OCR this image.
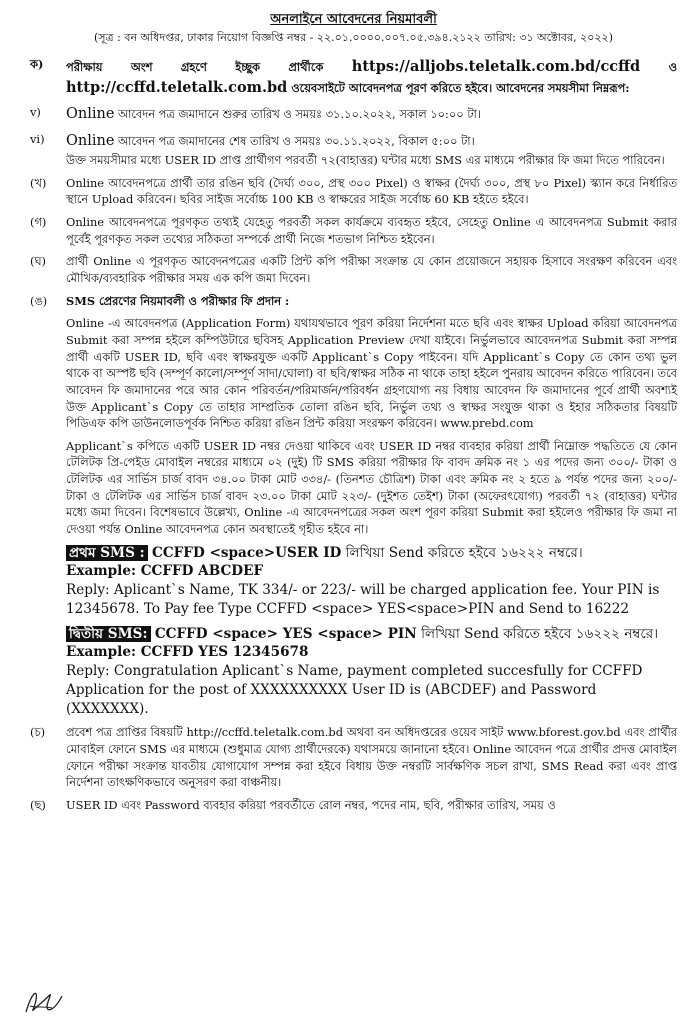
অনলাইনে আবেদনের নিয়মাবলী

(সূত্র : বন অধিদপ্তর, ঢাকার নিয়োগ বিজ্ঞপ্তি নম্বর - ২২.০১.০০০০.০০৭.০৫.৩৯৪.২১২২ তারিখ: ৩১ অক্টোবর, ২০২২)

ক)	পরীক্ষায় অংশ গ্রহণে ইচ্ছুক প্রার্থীকে https://alljobs.teletalk.com.bd/ccffd ও http://ccffd.teletalk.com.bd ওয়েবসাইটে আবেদনপত্র পূরণ করিতে হইবে। আবেদনের সময়সীমা নিম্নরূপ:
v)	Online আবেদন পত্র জমাদানে শুরুর তারিখ ও সময়ঃ ৩১.১০.২০২২, সকাল ১০:০০ টা।
vi)	Online আবেদন পত্র জমাদানের শেষ তারিখ ও সময়ঃ ৩০.১১.২০২২, বিকাল ৫:০০ টা।
উক্ত সময়সীমার মধ্যে USER ID প্রাপ্ত প্রার্থীগণ পরবর্তী ৭২(বাহাত্তর) ঘন্টার মধ্যে SMS এর মাধ্যমে পরীক্ষার ফি জমা দিতে পারিবেন।
(খ)	Online আবেদনপত্রে প্রার্থী তার রঙিন ছবি (দৈর্ঘ্য ৩০০, প্রস্থ ৩০০ Pixel) ও স্বাক্ষর (দৈর্ঘ্য ৩০০, প্রস্থ ৮০ Pixel) স্ক্যান করে নির্ধারিত স্থানে Upload করিবেন। ছবির সাইজ সর্বোচ্চ 100 KB ও স্বাক্ষরের সাইজ সর্বোচ্চ 60 KB হইতে হইবে।
(গ)	Online আবেদনপত্রে পূরণকৃত তথ্যই যেহেতু পরবর্তী সকল কার্যক্রমে ব্যবহৃত হইবে, সেহেতু Online এ আবেদনপত্র Submit করার পূর্বেই পূরণকৃত সকল তথ্যের সঠিকতা সম্পর্কে প্রার্থী নিজে শতভাগ নিশ্চিত হইবেন।
(ঘ)	প্রার্থী Online এ পূরণকৃত আবেদনপত্রের একটি প্রিন্ট কপি পরীক্ষা সংক্রান্ত যে কোন প্রয়োজনে সহায়ক হিসাবে সংরক্ষণ করিবেন এবং মৌখিক/ব্যবহারিক পরীক্ষার সময় এক কপি জমা দিবেন।
(ঙ)	SMS প্রেরণের নিয়মাবলী ও পরীক্ষার ফি প্রদান :

Online -এ আবেদনপত্র (Application Form) যথাযথভাবে পূরণ করিয়া নির্দেশনা মতে ছবি এবং স্বাক্ষর Upload করিয়া আবেদনপত্র Submit করা সম্পন্ন হইলে কম্পিউটারে ছবিসহ Application Preview দেখা যাইবে। নির্ভুলভাবে আবেদনপত্র Submit করা সম্পন্ন প্রার্থী একটি USER ID, ছবি এবং স্বাক্ষরযুক্ত একটি Applicant`s Copy পাইবেন। যদি Applicant`s Copy তে কোন তথ্য ভুল থাকে বা অস্পষ্ট ছবি (সম্পূর্ণ কালো/সম্পূর্ণ সাদা/ঘোলা) বা ছবি/স্বাক্ষর সঠিক না থাকে তাহা হইলে পুনরায় আবেদন করিতে পারিবেন। তবে আবেদন ফি জমাদানের পরে আর কোন পরিবর্তন/পরিমার্জন/পরিবর্ধন গ্রহণযোগ্য নয় বিধায় আবেদন ফি জমাদানের পূর্বে প্রার্থী অবশ্যই উক্ত Applicant`s Copy তে তাহার সাম্প্রতিক তোলা রঙিন ছবি, নির্ভুল তথ্য ও স্বাক্ষর সংযুক্ত থাকা ও ইহার সঠিকতার বিষয়টি পিডিএফ কপি ডাউনলোডপূর্বক নিশ্চিত করিয়া রঙিন প্রিন্ট করিয়া সংরক্ষণ করিবেন। www.prebd.com

Applicant`s কপিতে একটি USER ID নম্বর দেওয়া থাকিবে এবং USER ID নম্বর ব্যবহার করিয়া প্রার্থী নিম্নোক্ত পদ্ধতিতে যে কোন টেলিটক প্রি-পেইড মোবাইল নম্বরের মাধ্যমে ০২ (দুই) টি SMS করিয়া পরীক্ষার ফি বাবদ ক্রমিক নং ১ এর পদের জন্য ৩০০/- টাকা ও টেলিটক এর সার্ভিস চার্জ বাবদ ৩৪.০০ টাকা মোট ৩৩৪/- (তিনশত চৌত্রিশ) টাকা এবং ক্রমিক নং ২ হতে ৯ পর্যন্ত পদের জন্য ২০০/- টাকা ও টেলিটক এর সার্ভিস চার্জ বাবদ ২৩.০০ টাকা মোট ২২৩/- (দুইশত তেইশ) টাকা (অফেরৎযোগ্য) পরবর্তী ৭২ (বাহাত্তর) ঘন্টার মধ্যে জমা দিবেন। বিশেষভাবে উল্লেখ্য, Online -এ আবেদনপত্রের সকল অংশ পূরণ করিয়া Submit করা হইলেও পরীক্ষার ফি জমা না দেওয়া পর্যন্ত Online আবেদনপত্র কোন অবস্থাতেই গৃহীত হইবে না।

প্রথম SMS : CCFFD <space>USER ID লিখিয়া Send করিতে হইবে ১৬২২২ নম্বরে।

Example: CCFFD ABCDEF

Reply: Aplicant`s Name, TK 334/- or 223/- will be charged application fee. Your PIN is 12345678. To Pay fee Type CCFFD <space> YES<space>PIN and Send to 16222

দ্বিতীয় SMS: CCFFD <space> YES <space> PIN লিখিয়া Send করিতে হইবে ১৬২২২ নম্বরে।

Example: CCFFD YES 12345678

Reply: Congratulation Aplicant`s Name, payment completed succesfully for CCFFD Application for the post of XXXXXXXXXX User ID is (ABCDEF) and Password (XXXXXXX).

(চ)	প্রবেশ পত্র প্রাপ্তির বিষয়টি http://ccffd.teletalk.com.bd অথবা বন অধিদপ্তরের ওয়েব সাইট www.bforest.gov.bd এবং প্রার্থীর মোবাইল ফোনে SMS এর মাধ্যমে (শুধুমাত্র যোগ্য প্রার্থীদেরকে) যথাসময়ে জানানো হইবে। Online আবেদন পত্রে প্রার্থীর প্রদত্ত মোবাইল ফোনে পরীক্ষা সংক্রান্ত যাবতীয় যোগাযোগ সম্পন্ন করা হইবে বিধায় উক্ত নম্বরটি সার্বক্ষণিক সচল রাখা, SMS Read করা এবং প্রাপ্ত নির্দেশনা তাৎক্ষণিকভাবে অনুসরণ করা বাঞ্চনীয়।
(ছ)	USER ID এবং Password ব্যবহার করিয়া পরবর্তীতে রোল নম্বর, পদের নাম, ছবি, পরীক্ষার তারিখ, সময় ও
